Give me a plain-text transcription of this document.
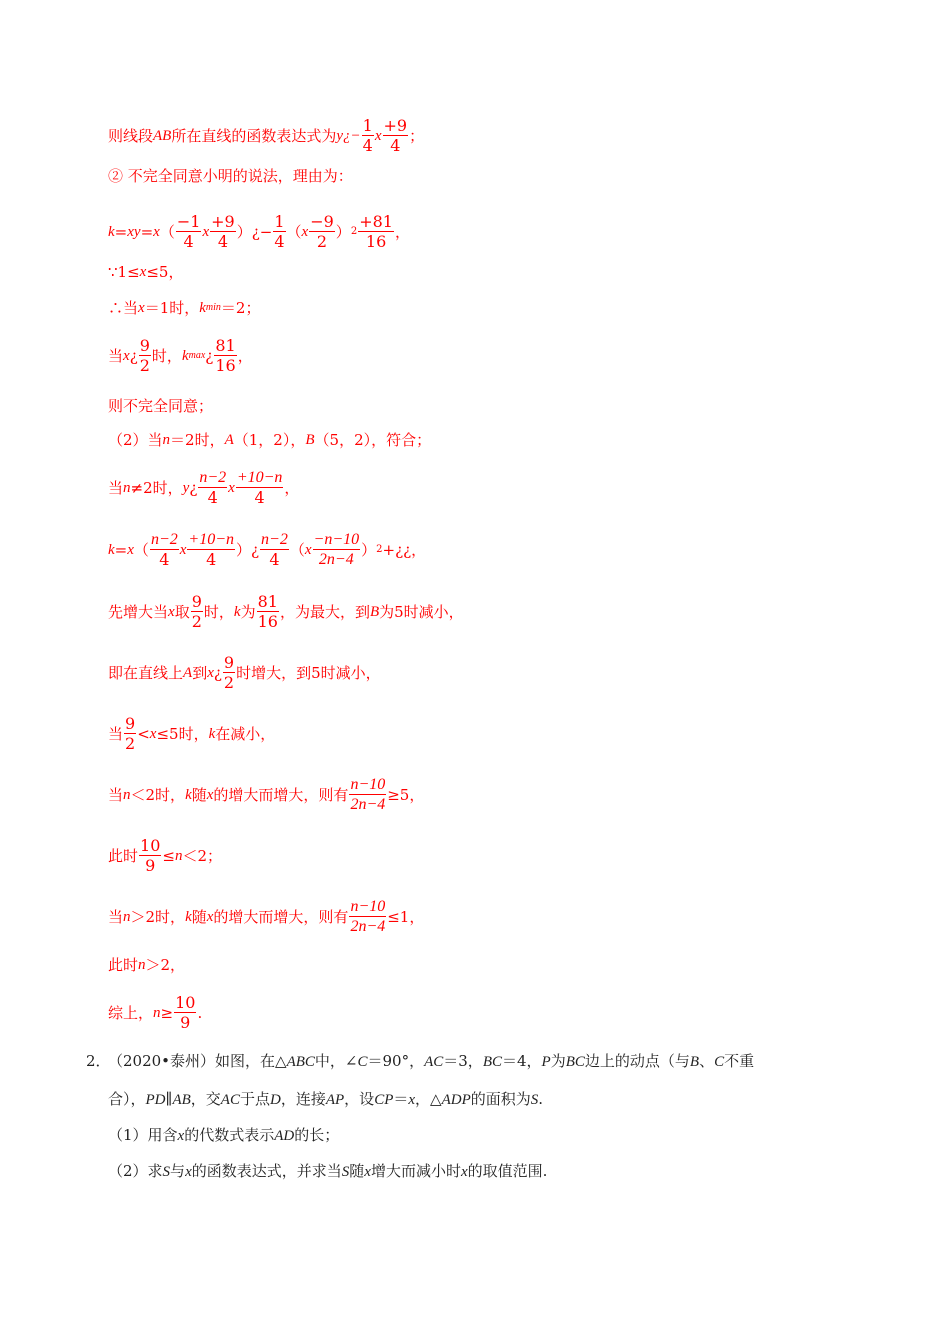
则线段 AB 所在直线的函数表达式为 y¿− $\frac{1}{4}$ x $\frac{+9}{4}$ ；
② 不完全同意小明的说法，理由为：
k = xy = x （ $\frac{-1}{4}$ x $\frac{+9}{4}$ ）¿− $\frac{1}{4}$ （ x $\frac{-9}{2}$ ） $2 \frac{+81}{16}$ ，
∵1≤ x ≤5，
∴当 x ＝1时， k min ＝2；
当 x ¿ $\frac{9}{2}$ 时， k max ¿ $\frac{81}{16}$ ，
则不完全同意；
（2）当 n ＝2时， A （1，2）， B （5，2），符合；
当 n ≠2时， y ¿ $\frac{n-2}{4}$ x $\frac{+10-n}{4}$ ，
k = x （ $\frac{n-2}{4}$ x $\frac{+10-n}{4}$ ）¿ $\frac{n-2}{4}$ （ x $\frac{-n-10}{2n-4}$ ） 2 +¿¿，
先增大当 x 取 $\frac{9}{2}$ 时， k 为 $\frac{81}{16}$ ，为最大，到 B 为5时减小，
即在直线上 A 到 x ¿ $\frac{9}{2}$ 时增大，到5时减小，
当 $\frac{9}{2} < x \le 5$时， k 在减小，
当 n ＜2时， k 随 x 的增大而增大，则有 $\frac{n-10}{2n-4} \ge 5$，
此时 $\frac{10}{9} \le n <2$；
当 n ＞2时， k 随 x 的增大而增大，则有 $\frac{n-10}{2n-4} \le 1$，
此时 n ＞2，
综上， $n \ge \frac{10}{9}$ .
2．
（2020•泰州）如图，在△ABC中，∠C＝90°，AC＝3，BC＝4，P为BC边上的动点（与B、C不重
合），PD∥AB，交AC于点D，连接AP，设CP＝x，△ADP的面积为S.
（1）用含x的代数式表示AD的长；
（2）求S与x的函数表达式，并求当S随x增大而减小时x的取值范围.
